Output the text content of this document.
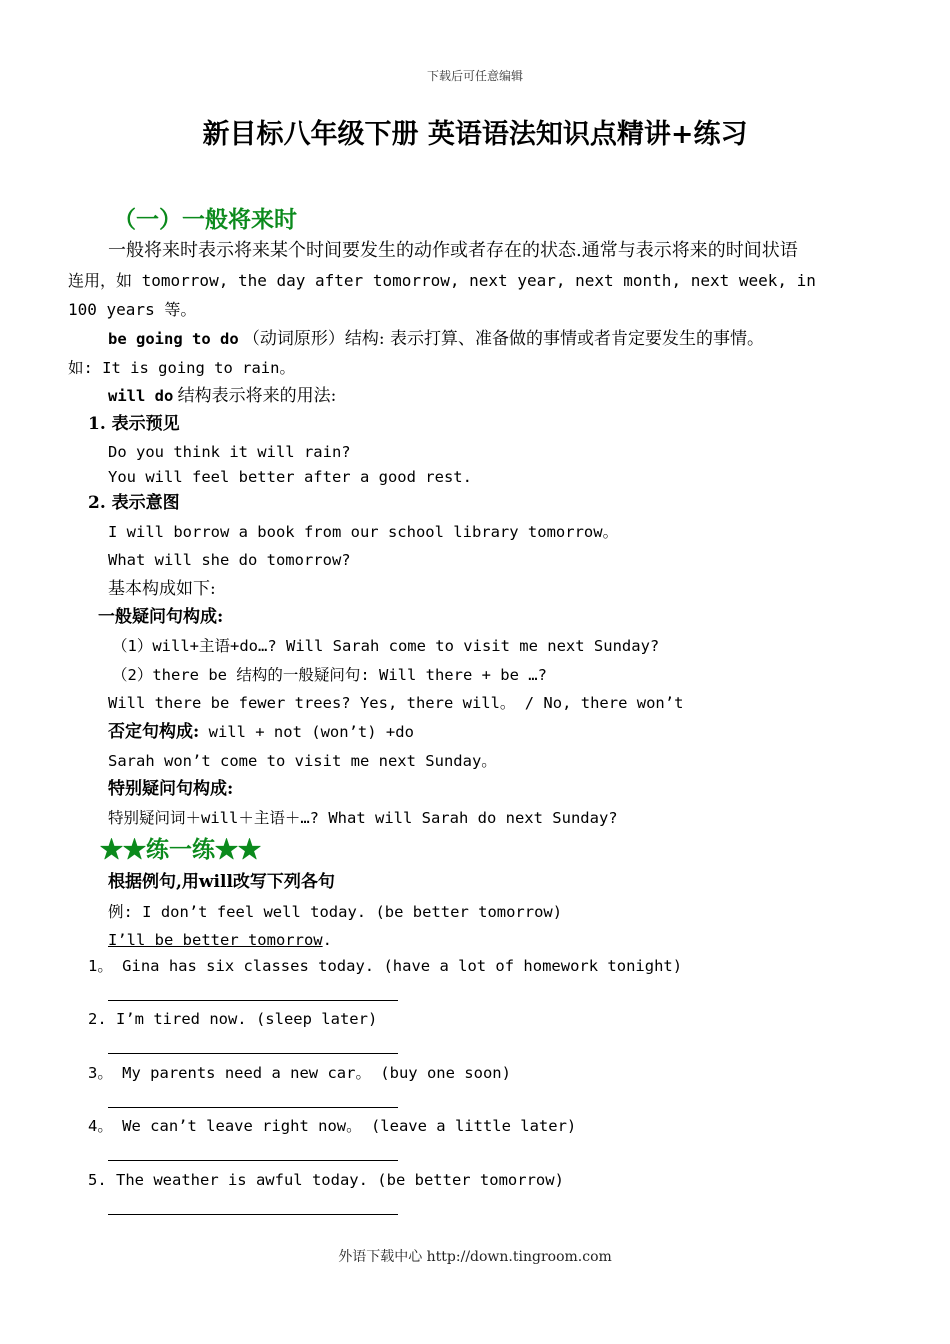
下载后可任意编辑
新目标八年级下册 英语语法知识点精讲+练习
（一）一般将来时
一般将来时表示将来某个时间要发生的动作或者存在的状态.通常与表示将来的时间状语
连用，如 tomorrow, the day after tomorrow, next year, next month, next week, in
100 years 等。
be going to do （动词原形）结构: 表示打算、准备做的事情或者肯定要发生的事情。
如: It is going to rain。
will do 结构表示将来的用法:
1. 表示预见
Do you think it will rain?
You will feel better after a good rest.
2. 表示意图
I will borrow a book from our school library tomorrow。
What will she do tomorrow?
基本构成如下:
一般疑问句构成:
（1）will+主语+do…? Will Sarah come to visit me next Sunday?
（2）there be 结构的一般疑问句: Will there + be …?
Will there be fewer trees? Yes, there will。 / No, there won’t
否定句构成: will + not (won’t) +do
Sarah won’t come to visit me next Sunday。
特别疑问句构成:
特别疑问词＋will＋主语＋…? What will Sarah do next Sunday?
★★练一练★★
根据例句,用will改写下列各句
例: I don’t feel well today. (be better tomorrow)
I’ll be better tomorrow.
1。 Gina has six classes today. (have a lot of homework tonight)
2. I’m tired now. (sleep later)
3。 My parents need a new car。 (buy one soon)
4。 We can’t leave right now。 (leave a little later)
5. The weather is awful today. (be better tomorrow)
外语下载中心 http://down.tingroom.com
